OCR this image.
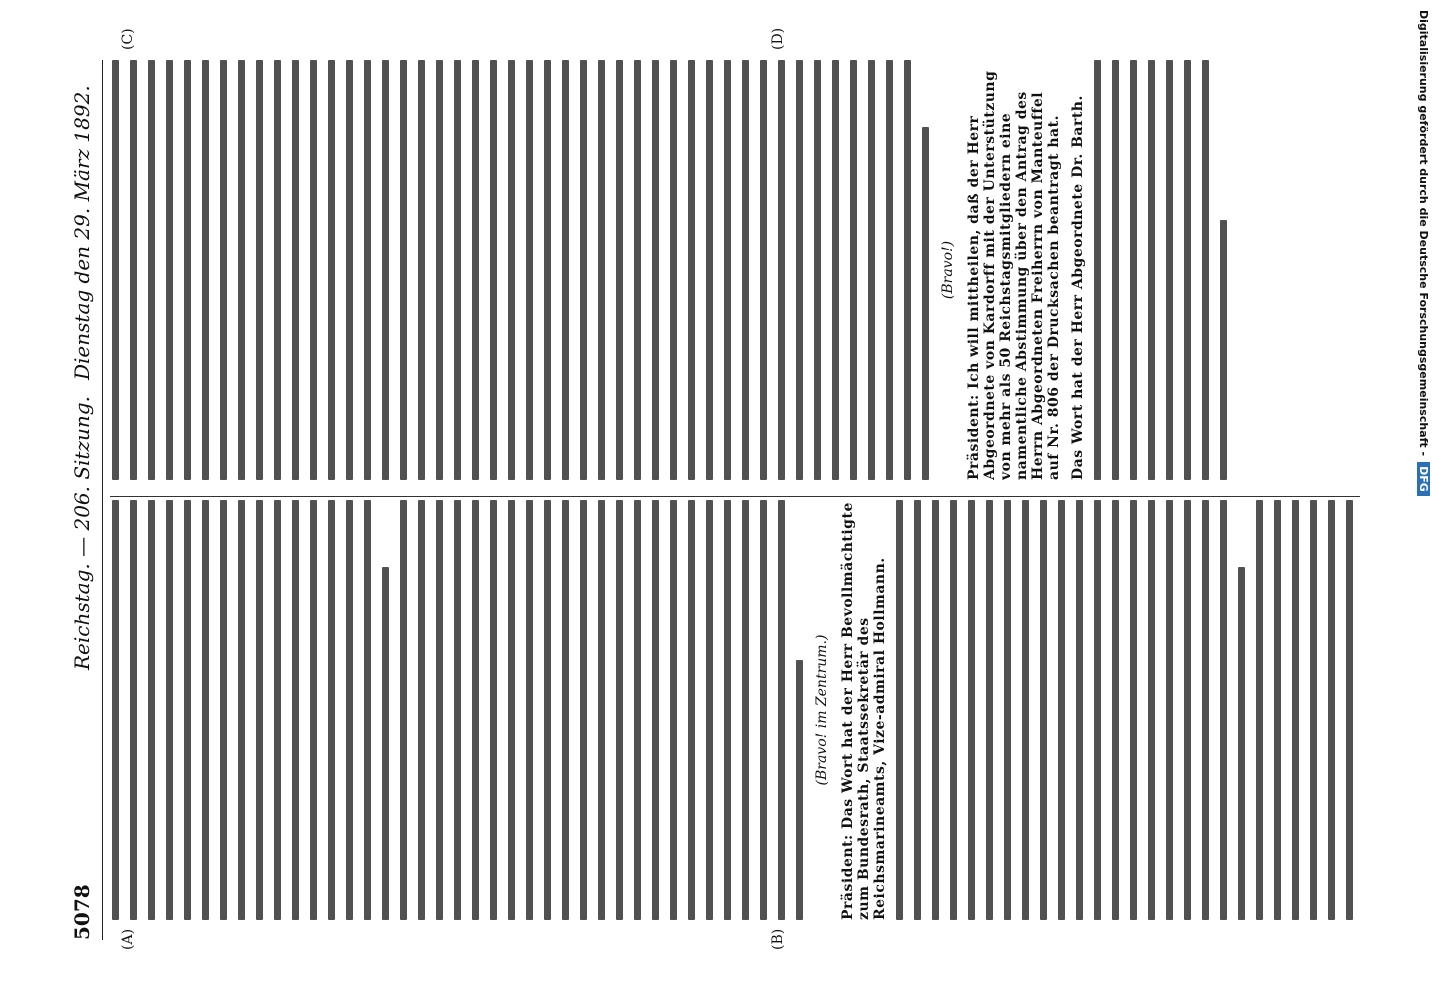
5078
Reichstag. — 206. Sitzung.
Dienstag den 29. März 1892.
(A)	(B)
(C)	(D)
(Bravo! im Zentrum.) Präsident: Das Wort hat der Herr Bevollmächtigte zum Bundesrath, Staatssekretär des Reichsmarineamts, Vize-admiral Hollmann.
(Bravo!) Präsident: Ich will mittheilen, daß der Herr Abgeordnete von Kardorff mit der Unterstützung von mehr als 50 Reichstagsmitgliedern eine namentliche Abstimmung über den Antrag des Herrn Abgeordneten Freiherrn von Manteuffel auf Nr. 806 der Drucksachen beantragt hat. Das Wort hat der Herr Abgeordnete Dr. Barth.	Digitalisierung gefördert durch die Deutsche Forschungsgemeinschaft -DFG
